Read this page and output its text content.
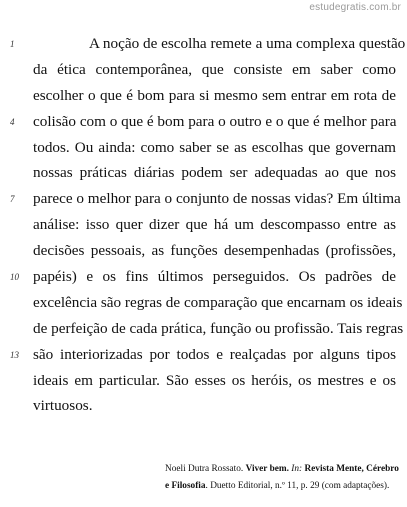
estudegratis.com.br
1	A noção de escolha remete a uma complexa questão
da ética contemporânea, que consiste em saber como
escolher o que é bom para si mesmo sem entrar em rota de
4 colisão com o que é bom para o outro e o que é melhor para
todos. Ou ainda: como saber se as escolhas que governam
nossas práticas diárias podem ser adequadas ao que nos
7 parece o melhor para o conjunto de nossas vidas? Em última
análise: isso quer dizer que há um descompasso entre as
decisões pessoais, as funções desempenhadas (profissões,
10 papéis) e os fins últimos perseguidos. Os padrões de
excelência são regras de comparação que encarnam os ideais
de perfeição de cada prática, função ou profissão. Tais regras
13 são interiorizadas por todos e realçadas por alguns tipos
ideais em particular. São esses os heróis, os mestres e os
virtuosos.
Noeli Dutra Rossato. Viver bem. In: Revista Mente, Cérebro
e Filosofia. Duetto Editorial, n.º 11, p. 29 (com adaptações).
